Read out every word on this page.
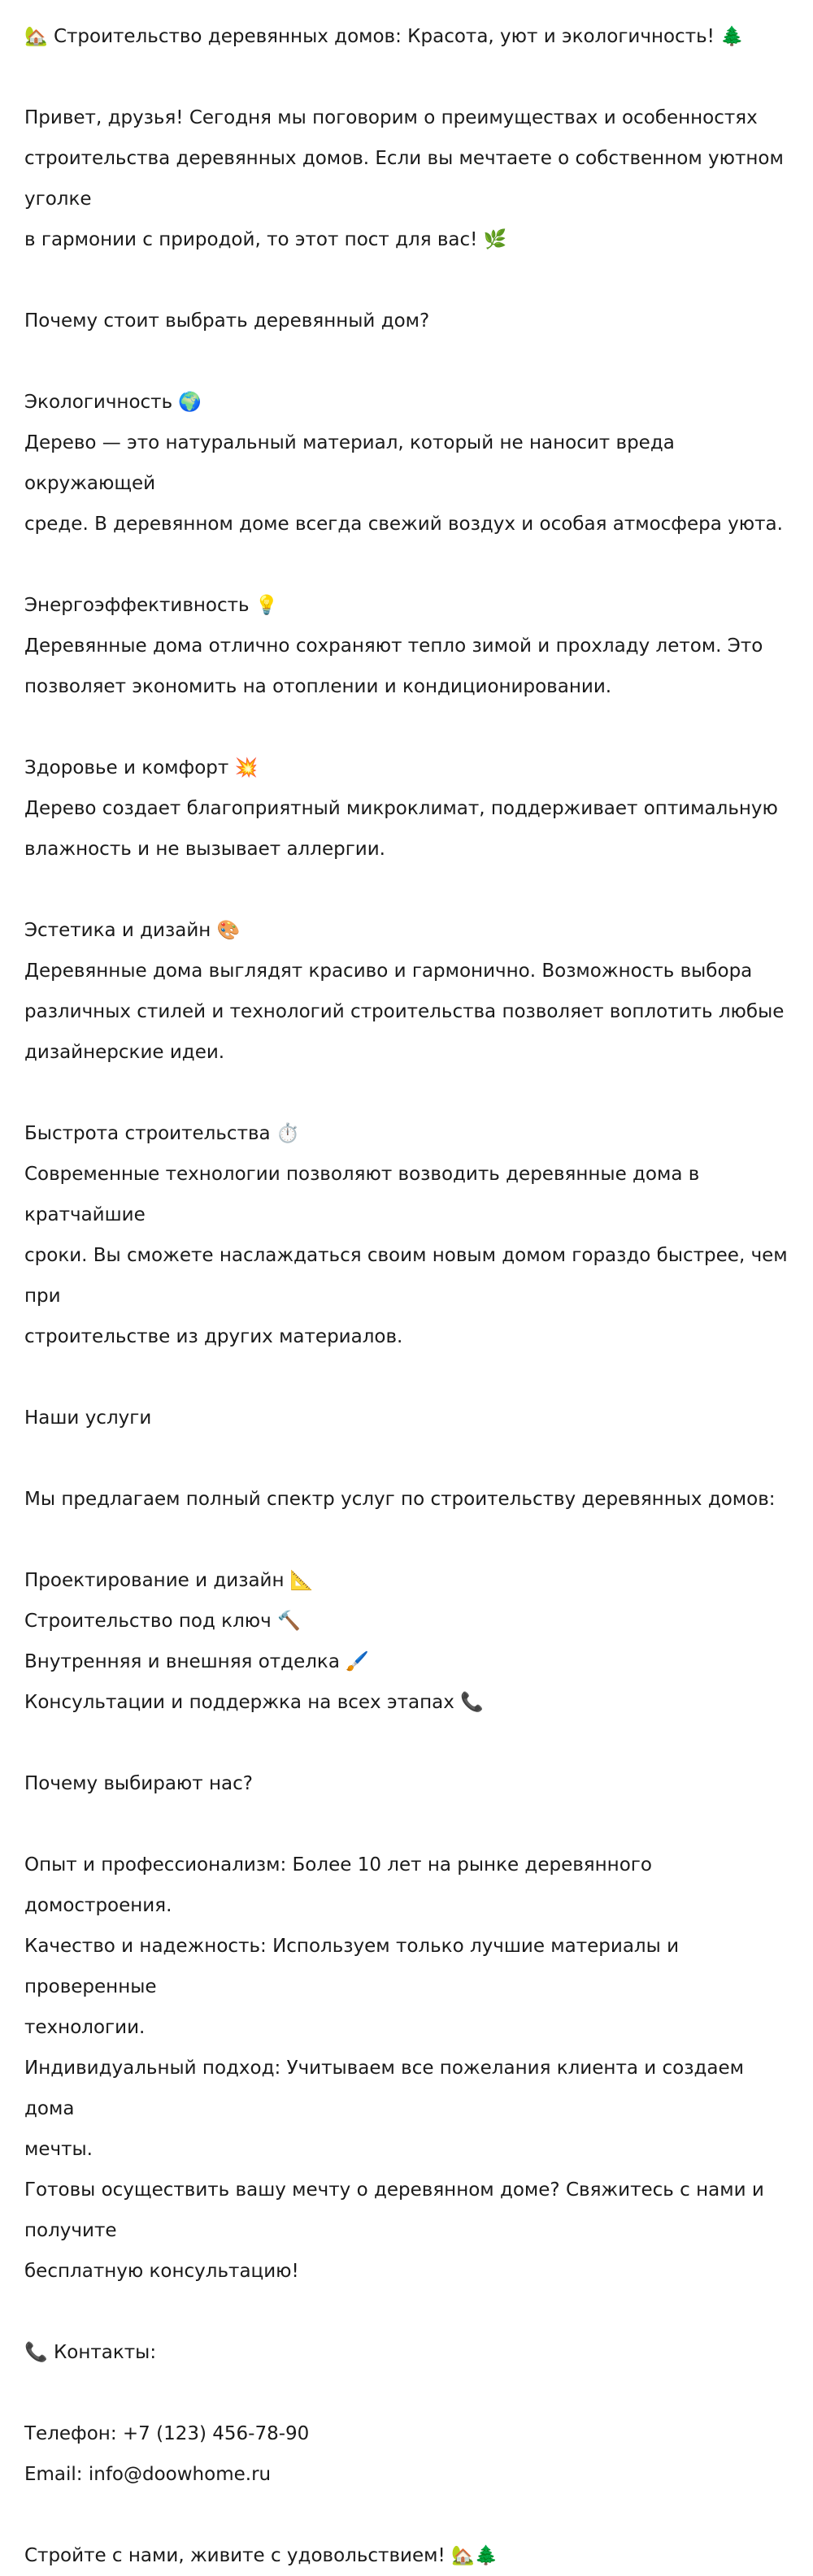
🏡 Строительство деревянных домов: Красота, уют и экологичность! 🌲

Привет, друзья! Сегодня мы поговорим о преимуществах и особенностях

строительства деревянных домов. Если вы мечтаете о собственном уютном уголке

в гармонии с природой, то этот пост для вас! 🌿

Почему стоит выбрать деревянный дом?

Экологичность 🌍

Дерево — это натуральный материал, который не наносит вреда окружающей

среде. В деревянном доме всегда свежий воздух и особая атмосфера уюта.

Энергоэффективность 💡

Деревянные дома отлично сохраняют тепло зимой и прохладу летом. Это

позволяет экономить на отоплении и кондиционировании.

Здоровье и комфорт 💥

Дерево создает благоприятный микроклимат, поддерживает оптимальную

влажность и не вызывает аллергии.

Эстетика и дизайн 🎨

Деревянные дома выглядят красиво и гармонично. Возможность выбора

различных стилей и технологий строительства позволяет воплотить любые

дизайнерские идеи.

Быстрота строительства ⏱️

Современные технологии позволяют возводить деревянные дома в кратчайшие

сроки. Вы сможете наслаждаться своим новым домом гораздо быстрее, чем при

строительстве из других материалов.

Наши услуги

Мы предлагаем полный спектр услуг по строительству деревянных домов:

Проектирование и дизайн 📐

Строительство под ключ 🔨

Внутренняя и внешняя отделка 🖌️

Консультации и поддержка на всех этапах 📞

Почему выбирают нас?

Опыт и профессионализм: Более 10 лет на рынке деревянного домостроения.

Качество и надежность: Используем только лучшие материалы и проверенные

технологии.

Индивидуальный подход: Учитываем все пожелания клиента и создаем дома

мечты.

Готовы осуществить вашу мечту о деревянном доме? Свяжитесь с нами и получите

бесплатную консультацию!

📞 Контакты:

Телефон: +7 (123) 456-78-90

Email: info@doowhome.ru

Стройте с нами, живите с удовольствием! 🏡🌲
